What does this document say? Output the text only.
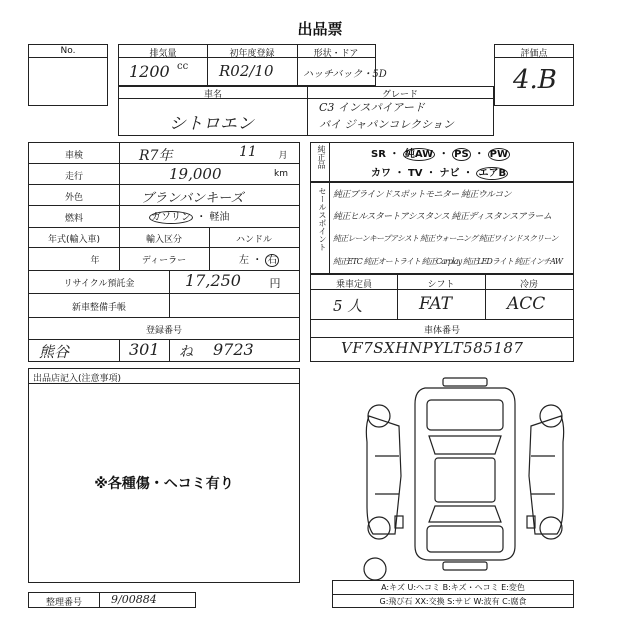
出品票
No.	排気量	初年度登録	形状・ドア
1200 cc R02/10	ハッチバック・5D
評価点
4.B
車名	グレード
シトロエン
C3 インスパイアード
バイ ジャパンコレクション
車検	R7年	11	月
走行	19,000	km
外色	ブランバンキーズ
燃料	ガソリン ・ 軽油
年式(輸入車)	輸入区分	ハンドル
年	ディーラー	左 ・ 右
リサイクル預託金	17,250	円
新車整備手帳
登録番号
熊谷	301 ね 9723
純正品	SR ・ 純AW ・ PS ・ PW
カワ ・ TV ・ ナビ ・ エアB
セールスポイント 純正ブラインドスポットモニター 純正ウルコン
純正ヒルスタートアシスタンス 純正ディスタンスアラーム
純正レーンキープアシスト 純正ウォーニング 純正ワインドスクリーン
純正ETC 純正オートライト 純正Carplay 純正LEDライト 純正インチAW
乗車定員	シフト	冷房
5 人	FAT	ACC
車体番号
VF7SXHNPYLT585187
出品店記入(注意事項)
※各種傷・ヘコミ有り
A:キズ U:ヘコミ B:キズ・ヘコミ E:変色
G:飛び石 XX:交換 S:サビ W:波有 C:腐食
整理番号	9/00884
